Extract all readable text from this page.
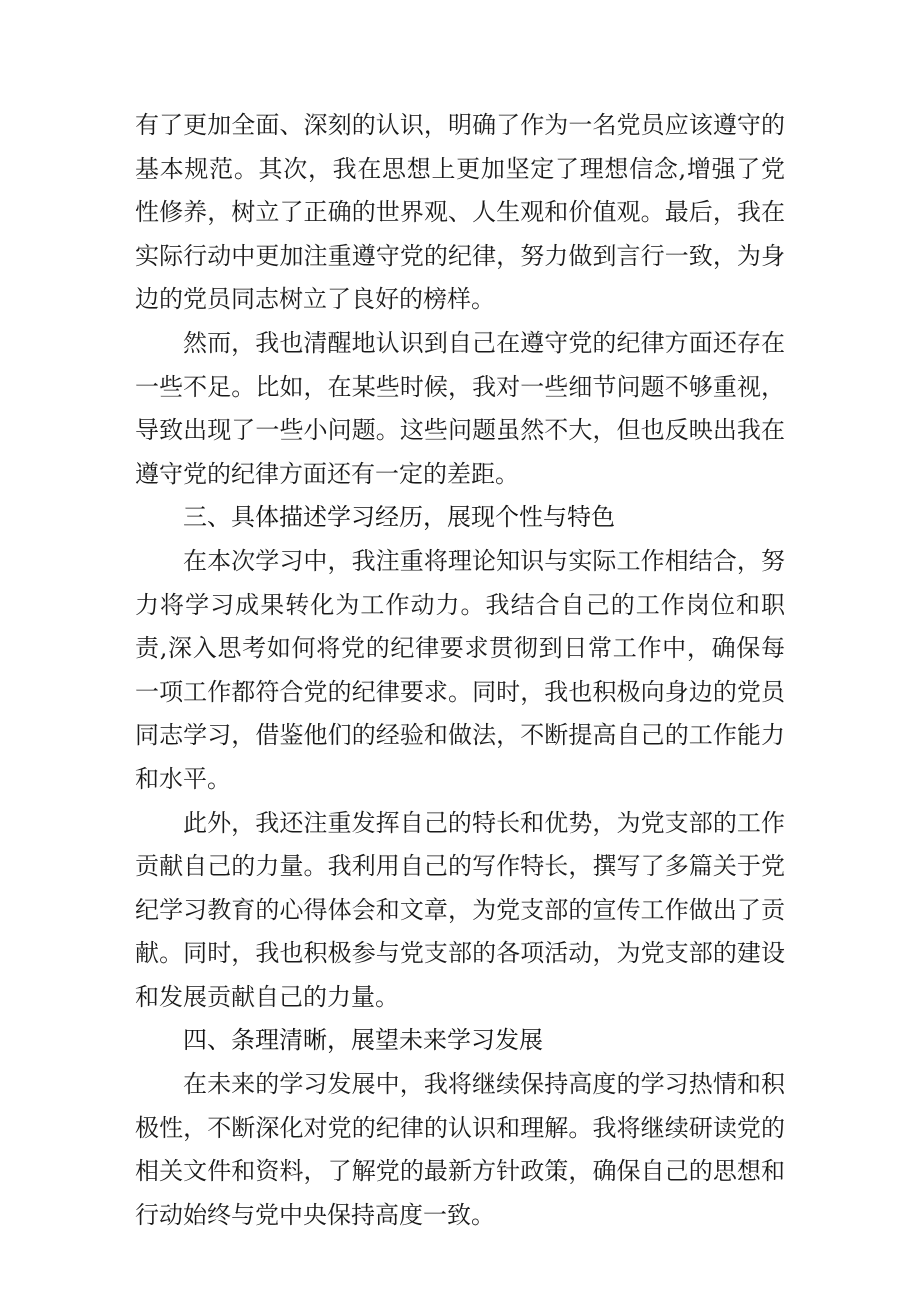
有了更加全面、深刻的认识，明确了作为一名党员应该遵守的基本规范。其次，我在思想上更加坚定了理想信念,增强了党性修养，树立了正确的世界观、人生观和价值观。最后，我在实际行动中更加注重遵守党的纪律，努力做到言行一致，为身边的党员同志树立了良好的榜样。

然而，我也清醒地认识到自己在遵守党的纪律方面还存在一些不足。比如，在某些时候，我对一些细节问题不够重视，导致出现了一些小问题。这些问题虽然不大，但也反映出我在遵守党的纪律方面还有一定的差距。

三、具体描述学习经历，展现个性与特色

在本次学习中，我注重将理论知识与实际工作相结合，努力将学习成果转化为工作动力。我结合自己的工作岗位和职责,深入思考如何将党的纪律要求贯彻到日常工作中，确保每一项工作都符合党的纪律要求。同时，我也积极向身边的党员同志学习，借鉴他们的经验和做法，不断提高自己的工作能力和水平。

此外，我还注重发挥自己的特长和优势，为党支部的工作贡献自己的力量。我利用自己的写作特长，撰写了多篇关于党纪学习教育的心得体会和文章，为党支部的宣传工作做出了贡献。同时，我也积极参与党支部的各项活动，为党支部的建设和发展贡献自己的力量。

四、条理清晰，展望未来学习发展

在未来的学习发展中，我将继续保持高度的学习热情和积极性，不断深化对党的纪律的认识和理解。我将继续研读党的相关文件和资料，了解党的最新方针政策，确保自己的思想和行动始终与党中央保持高度一致。
